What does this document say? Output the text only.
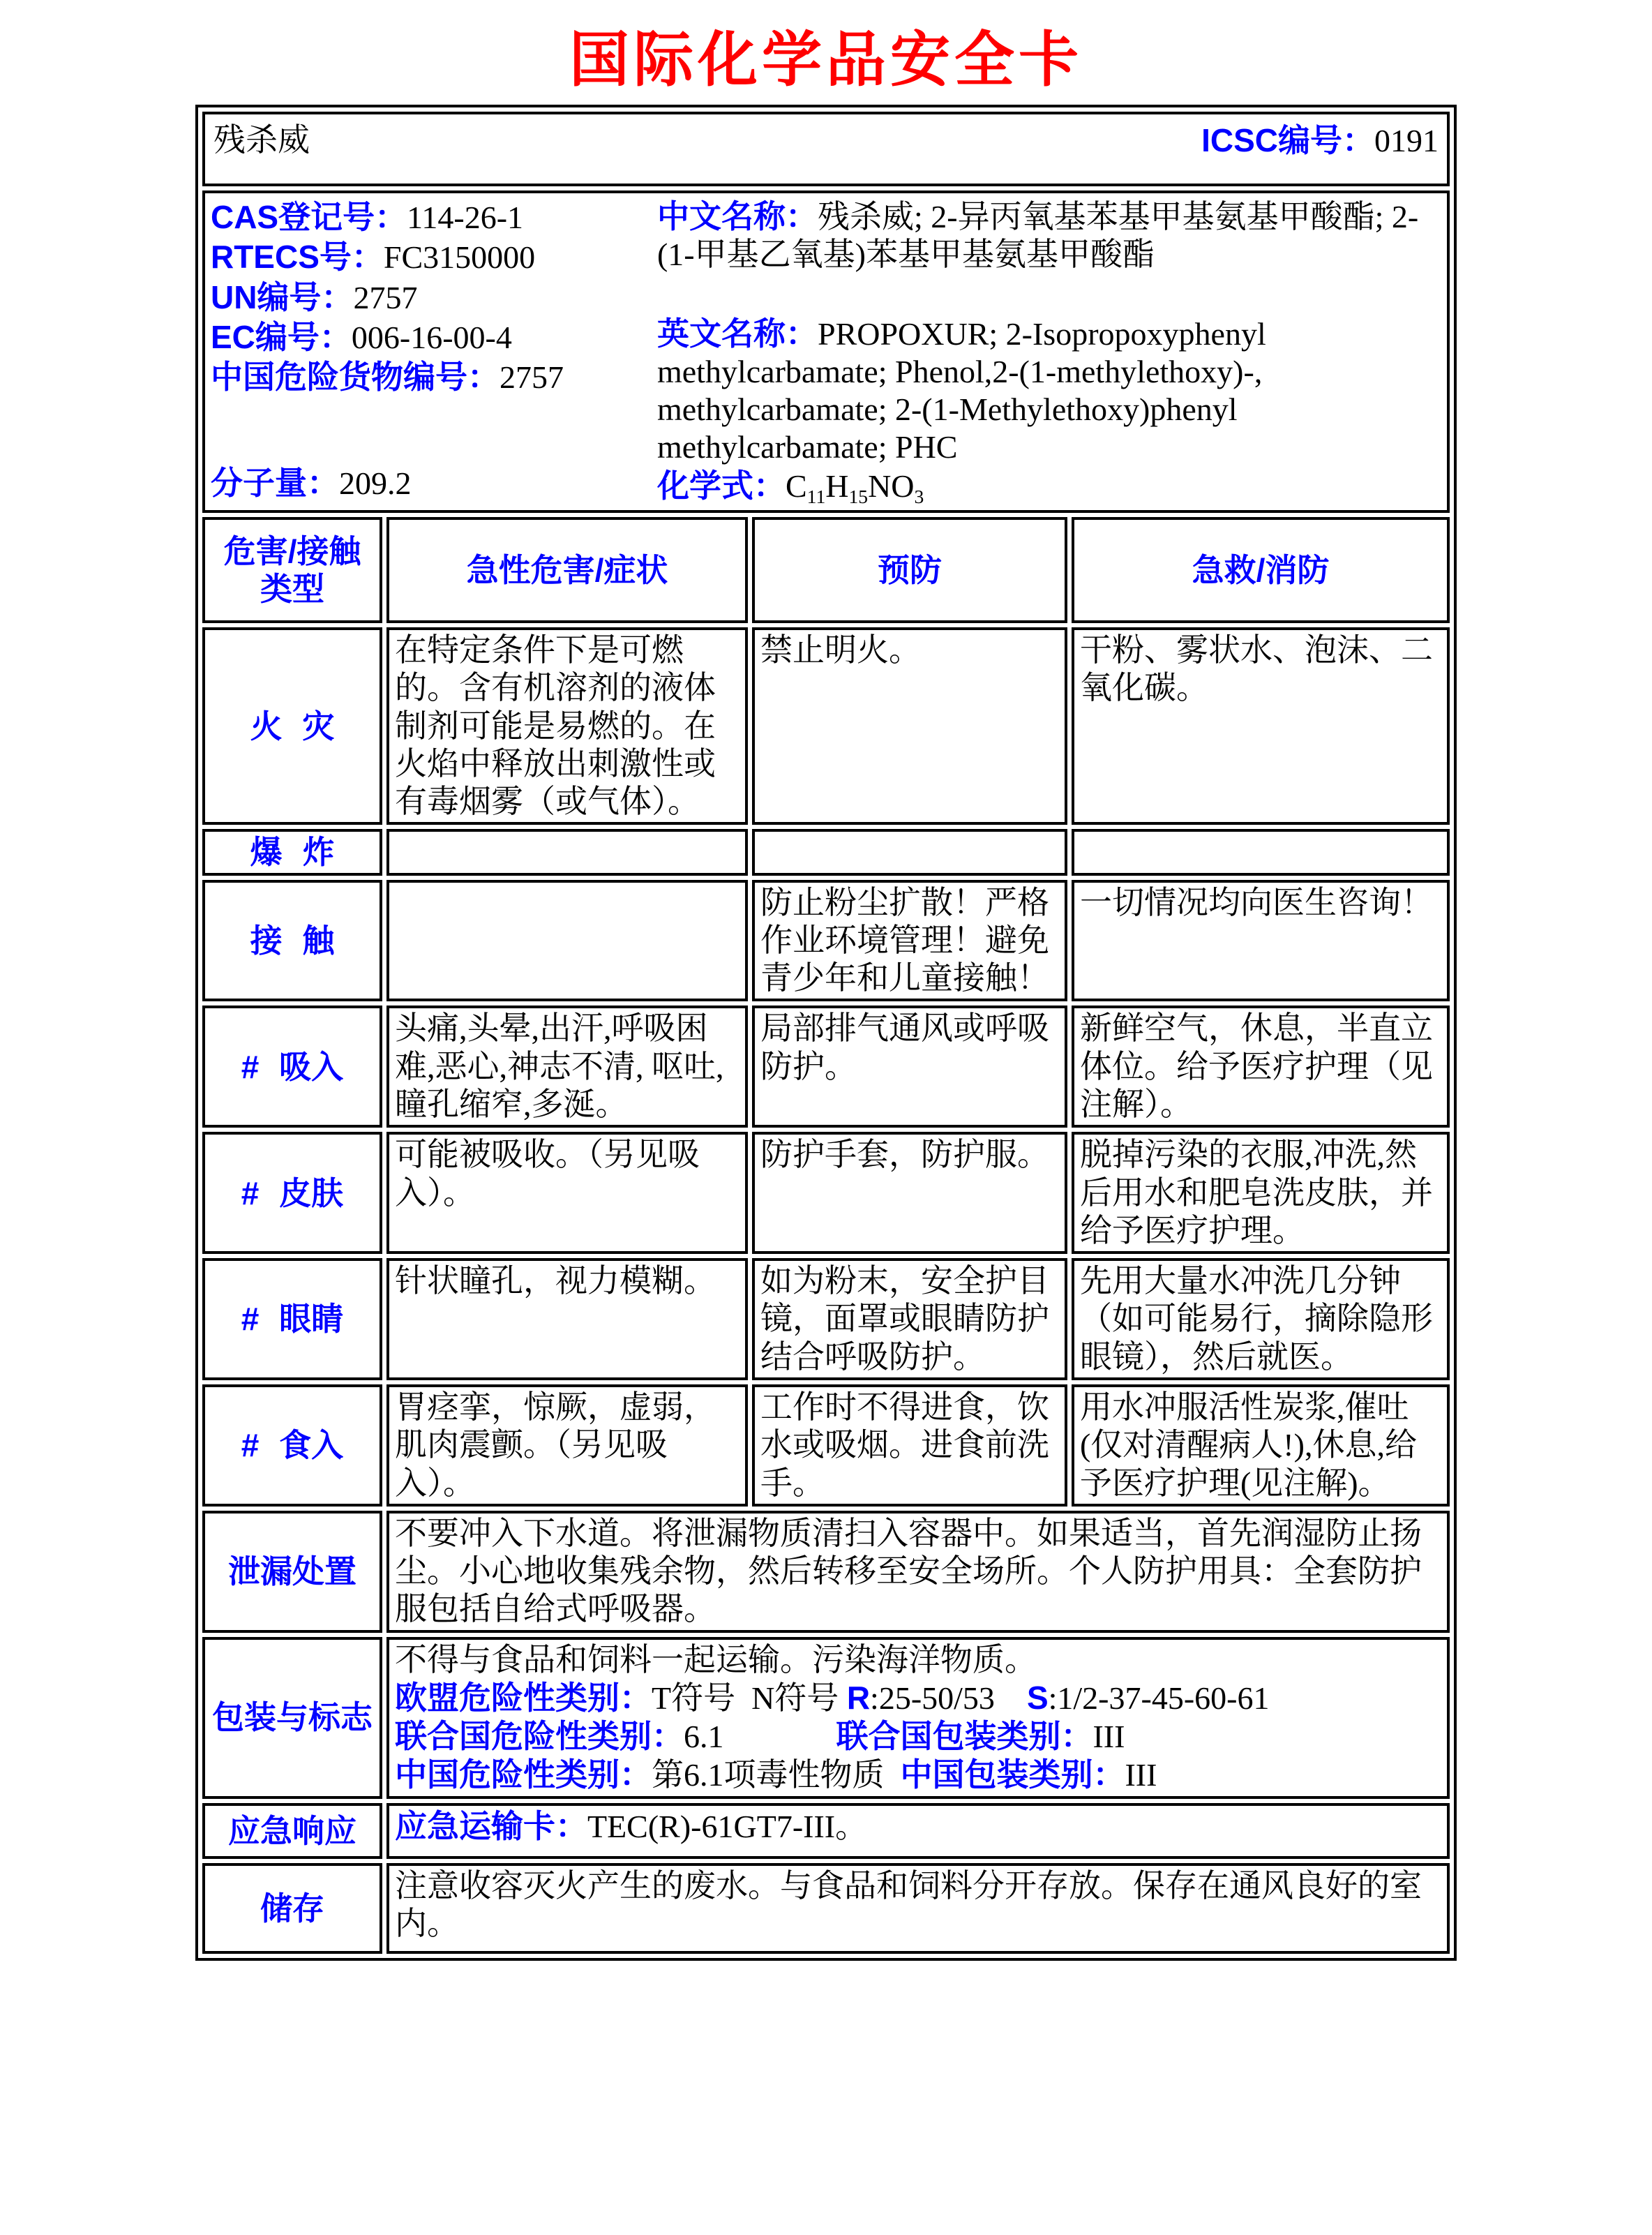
国际化学品安全卡
残杀威 ICSC编号：0191			

CAS登记号：114-26-1
RTECS号：FC3150000
UN编号：2757
EC编号：006-16-00-4
中国危险货物编号：2757
分子量：209.2

中文名称：残杀威; 2-异丙氧基苯基甲基氨基甲酸酯; 2-(1-甲基乙氧基)苯基甲基氨基甲酸酯

英文名称：PROPOXUR; 2-Isopropoxyphenyl methylcarbamate; Phenol,2-(1-methylethoxy)-, methylcarbamate; 2-(1-Methylethoxy)phenyl methylcarbamate; PHC

化学式：C11H15NO3

危害/接触类型	急性危害/症状	预防	急救/消防
火 灾	在特定条件下是可燃的。含有机溶剂的液体制剂可能是易燃的。在火焰中释放出刺激性或有毒烟雾（或气体）。	禁止明火。	干粉、雾状水、泡沫、二氧化碳。
爆 炸			
接 触		防止粉尘扩散！严格作业环境管理！避免青少年和儿童接触！	一切情况均向医生咨询！
# 吸入	头痛,头晕,出汗,呼吸困难,恶心,神志不清, 呕吐,瞳孔缩窄,多涎。	局部排气通风或呼吸防护。	新鲜空气，休息，半直立体位。给予医疗护理（见注解）。
# 皮肤	可能被吸收。（另见吸入）。	防护手套，防护服。	脱掉污染的衣服,冲洗,然后用水和肥皂洗皮肤，并给予医疗护理。
# 眼睛	针状瞳孔，视力模糊。	如为粉末，安全护目镜，面罩或眼睛防护结合呼吸防护。	先用大量水冲洗几分钟（如可能易行，摘除隐形眼镜），然后就医。
# 食入	胃痉挛，惊厥，虚弱，肌肉震颤。（另见吸入）。	工作时不得进食，饮水或吸烟。进食前洗手。	用水冲服活性炭浆,催吐(仅对清醒病人!),休息,给予医疗护理(见注解)。
泄漏处置	不要冲入下水道。将泄漏物质清扫入容器中。如果适当，首先润湿防止扬尘。小心地收集残余物，然后转移至安全场所。个人防护用具：全套防护服包括自给式呼吸器。		

包装与标志	不得与食品和饲料一起运输。污染海洋物质。
欧盟危险性类别：T符号  N符号 R:25-50/53    S:1/2-37-45-60-61
联合国危险性类别：6.1              联合国包装类别：III
中国危险性类别：第6.1项毒性物质  中国包装类别：III		

应急响应	应急运输卡：TEC(R)-61GT7-III。		

储存	注意收容灭火产生的废水。与食品和饲料分开存放。保存在通风良好的室内。		
